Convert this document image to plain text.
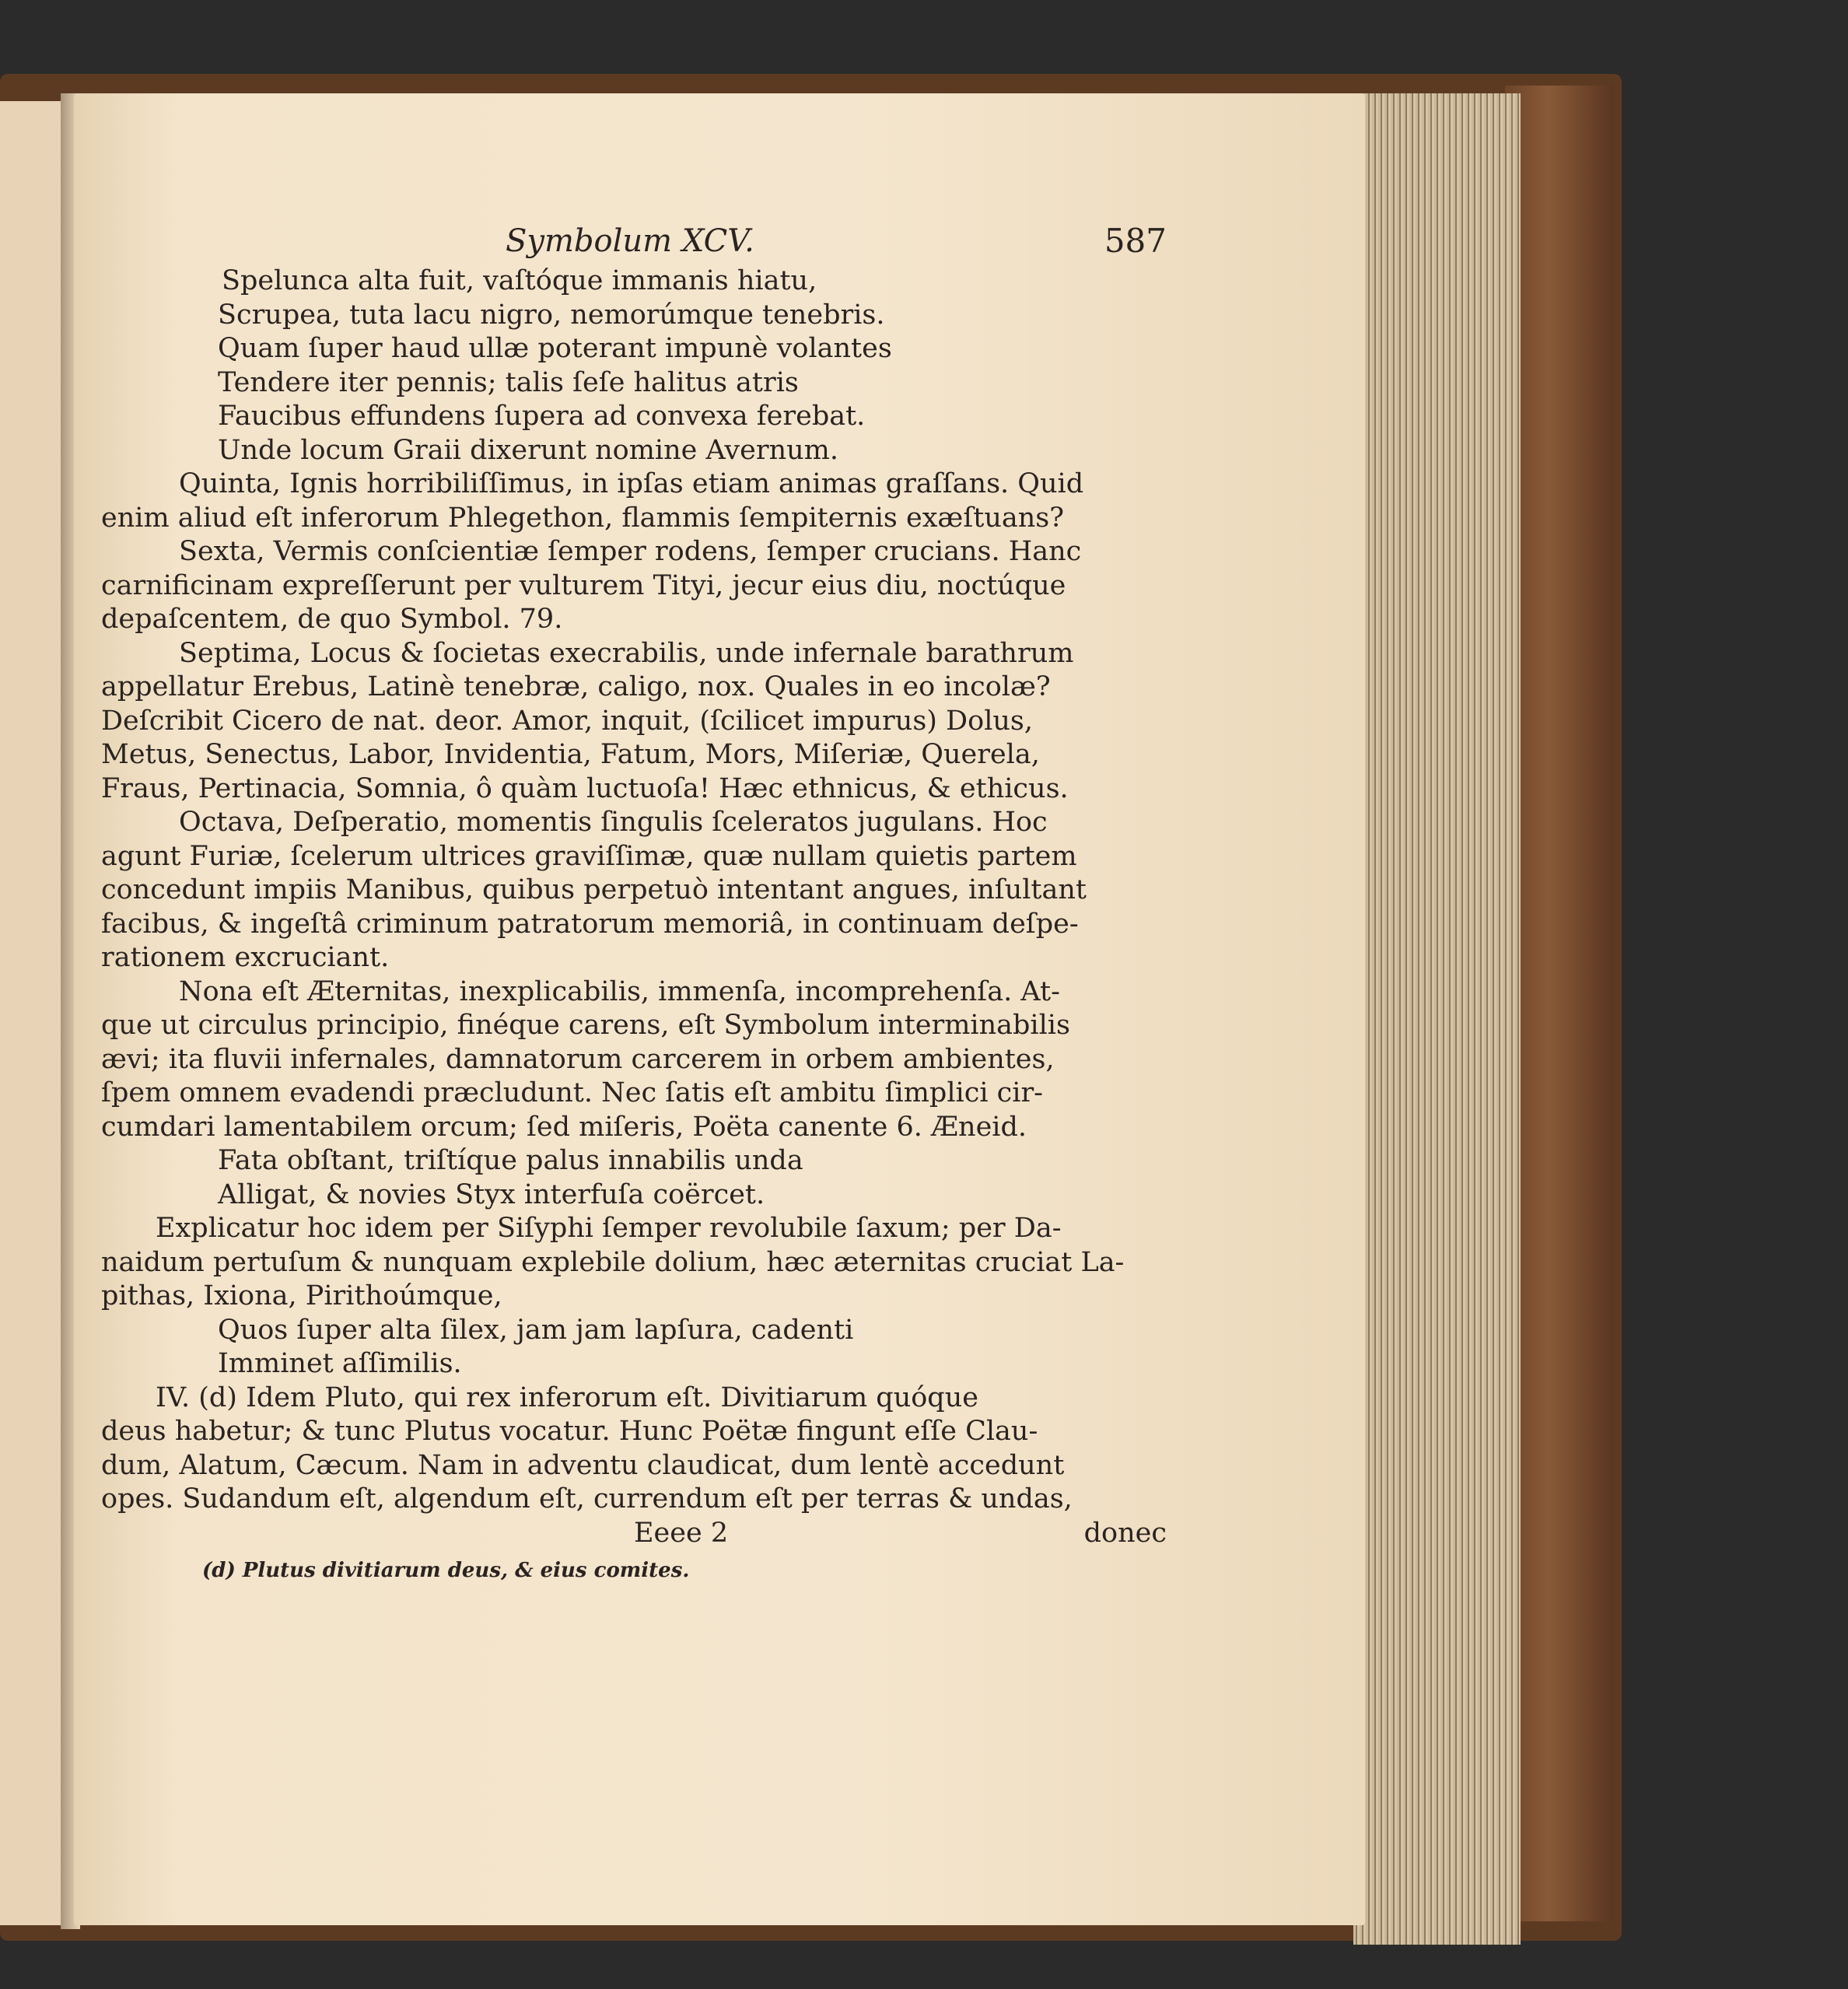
Symbolum XCV.	587
Spelunca alta fuit, vaſtóque immanis hiatu,
Scrupea, tuta lacu nigro, nemorúmque tenebris.
Quam ſuper haud ullæ poterant impunè volantes
Tendere iter pennis; talis ſeſe halitus atris
Faucibus effundens ſupera ad convexa ferebat.
Unde locum Graii dixerunt nomine Avernum.
Quinta, Ignis horribiliſſimus, in ipſas etiam animas graſſans. Quid
enim aliud eſt inferorum Phlegethon, flammis ſempiternis exæſtuans?
Sexta, Vermis conſcientiæ ſemper rodens, ſemper crucians. Hanc
carnificinam expreſſerunt per vulturem Tityi, jecur eius diu, noctúque
depaſcentem, de quo Symbol. 79.
Septima, Locus & ſocietas execrabilis, unde infernale barathrum
appellatur Erebus, Latinè tenebræ, caligo, nox. Quales in eo incolæ?
Deſcribit Cicero de nat. deor. Amor, inquit, (ſcilicet impurus) Dolus,
Metus, Senectus, Labor, Invidentia, Fatum, Mors, Miſeriæ, Querela,
Fraus, Pertinacia, Somnia, ô quàm luctuoſa! Hæc ethnicus, & ethicus.
Octava, Deſperatio, momentis ſingulis ſceleratos jugulans. Hoc
agunt Furiæ, ſcelerum ultrices graviſſimæ, quæ nullam quietis partem
concedunt impiis Manibus, quibus perpetuò intentant angues, inſultant
facibus, & ingeſtâ criminum patratorum memoriâ, in continuam deſpe-
rationem excruciant.
Nona eſt Æternitas, inexplicabilis, immenſa, incomprehenſa. At-
que ut circulus principio, finéque carens, eſt Symbolum interminabilis
ævi; ita fluvii infernales, damnatorum carcerem in orbem ambientes,
ſpem omnem evadendi præcludunt. Nec ſatis eſt ambitu ſimplici cir-
cumdari lamentabilem orcum; ſed miſeris, Poëta canente 6. Æneid.
Fata obſtant, triſtíque palus innabilis unda
Alligat, & novies Styx interfuſa coërcet.
Explicatur hoc idem per Siſyphi ſemper revolubile ſaxum; per Da-
naidum pertuſum & nunquam explebile dolium, hæc æternitas cruciat La-
pithas, Ixiona, Pirithoúmque,
Quos ſuper alta ſilex, jam jam lapſura, cadenti
Imminet aſſimilis.
IV. (d) Idem Pluto, qui rex inferorum eſt. Divitiarum quóque
deus habetur; & tunc Plutus vocatur. Hunc Poëtæ fingunt eſſe Clau-
dum, Alatum, Cæcum. Nam in adventu claudicat, dum lentè accedunt
opes. Sudandum eſt, algendum eſt, currendum eſt per terras & undas,
Eeee 2	donec
(d) Plutus divitiarum deus, & eius comites.
